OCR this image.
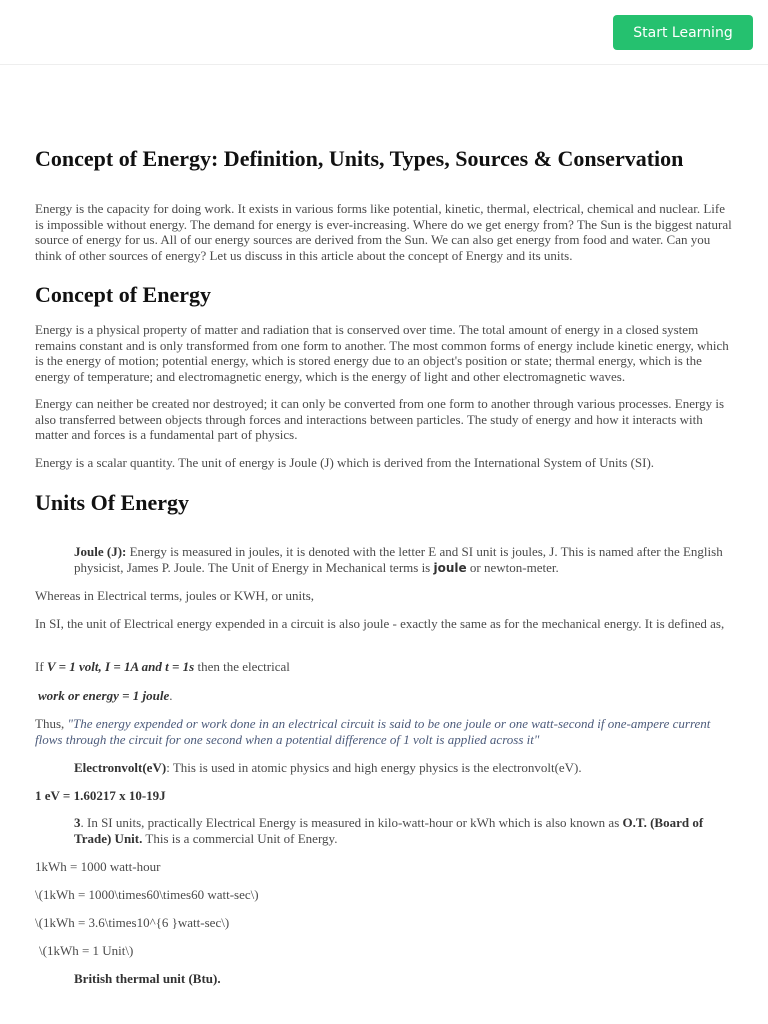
Start Learning
Concept of Energy: Definition, Units, Types, Sources & Conservation

Energy is the capacity for doing work. It exists in various forms like potential, kinetic, thermal, electrical, chemical and nuclear. Life is impossible without energy. The demand for energy is ever-increasing. Where do we get energy from? The Sun is the biggest natural source of energy for us. All of our energy sources are derived from the Sun. We can also get energy from food and water. Can you think of other sources of energy? Let us discuss in this article about the concept of Energy and its units.

Concept of Energy

Energy is a physical property of matter and radiation that is conserved over time. The total amount of energy in a closed system remains constant and is only transformed from one form to another. The most common forms of energy include kinetic energy, which is the energy of motion; potential energy, which is stored energy due to an object's position or state; thermal energy, which is the energy of temperature; and electromagnetic energy, which is the energy of light and other electromagnetic waves.

Energy can neither be created nor destroyed; it can only be converted from one form to another through various processes. Energy is also transferred between objects through forces and interactions between particles. The study of energy and how it interacts with matter and forces is a fundamental part of physics.

Energy is a scalar quantity. The unit of energy is Joule (J) which is derived from the International System of Units (SI).

Units Of Energy

Joule (J): Energy is measured in joules, it is denoted with the letter E and SI unit is joules, J. This is named after the English physicist, James P. Joule. The Unit of Energy in Mechanical terms is joule or newton-meter.

Whereas in Electrical terms, joules or KWH, or units,

In SI, the unit of Electrical energy expended in a circuit is also joule - exactly the same as for the mechanical energy. It is defined as,

If V = 1 volt, I = 1A and t = 1s then the electrical

work or energy = 1 joule.

Thus, "The energy expended or work done in an electrical circuit is said to be one joule or one watt-second if one-ampere current flows through the circuit for one second when a potential difference of 1 volt is applied across it"

Electronvolt(eV): This is used in atomic physics and high energy physics is the electronvolt(eV).

1 eV = 1.60217 x 10-19J

3. In SI units, practically Electrical Energy is measured in kilo-watt-hour or kWh which is also known as O.T. (Board of Trade) Unit. This is a commercial Unit of Energy.

1kWh = 1000 watt-hour

\(1kWh = 1000\times60\times60 watt-sec\)

\(1kWh = 3.6\times10^{6 }watt-sec\)

\(1kWh = 1 Unit\)

British thermal unit (Btu).
